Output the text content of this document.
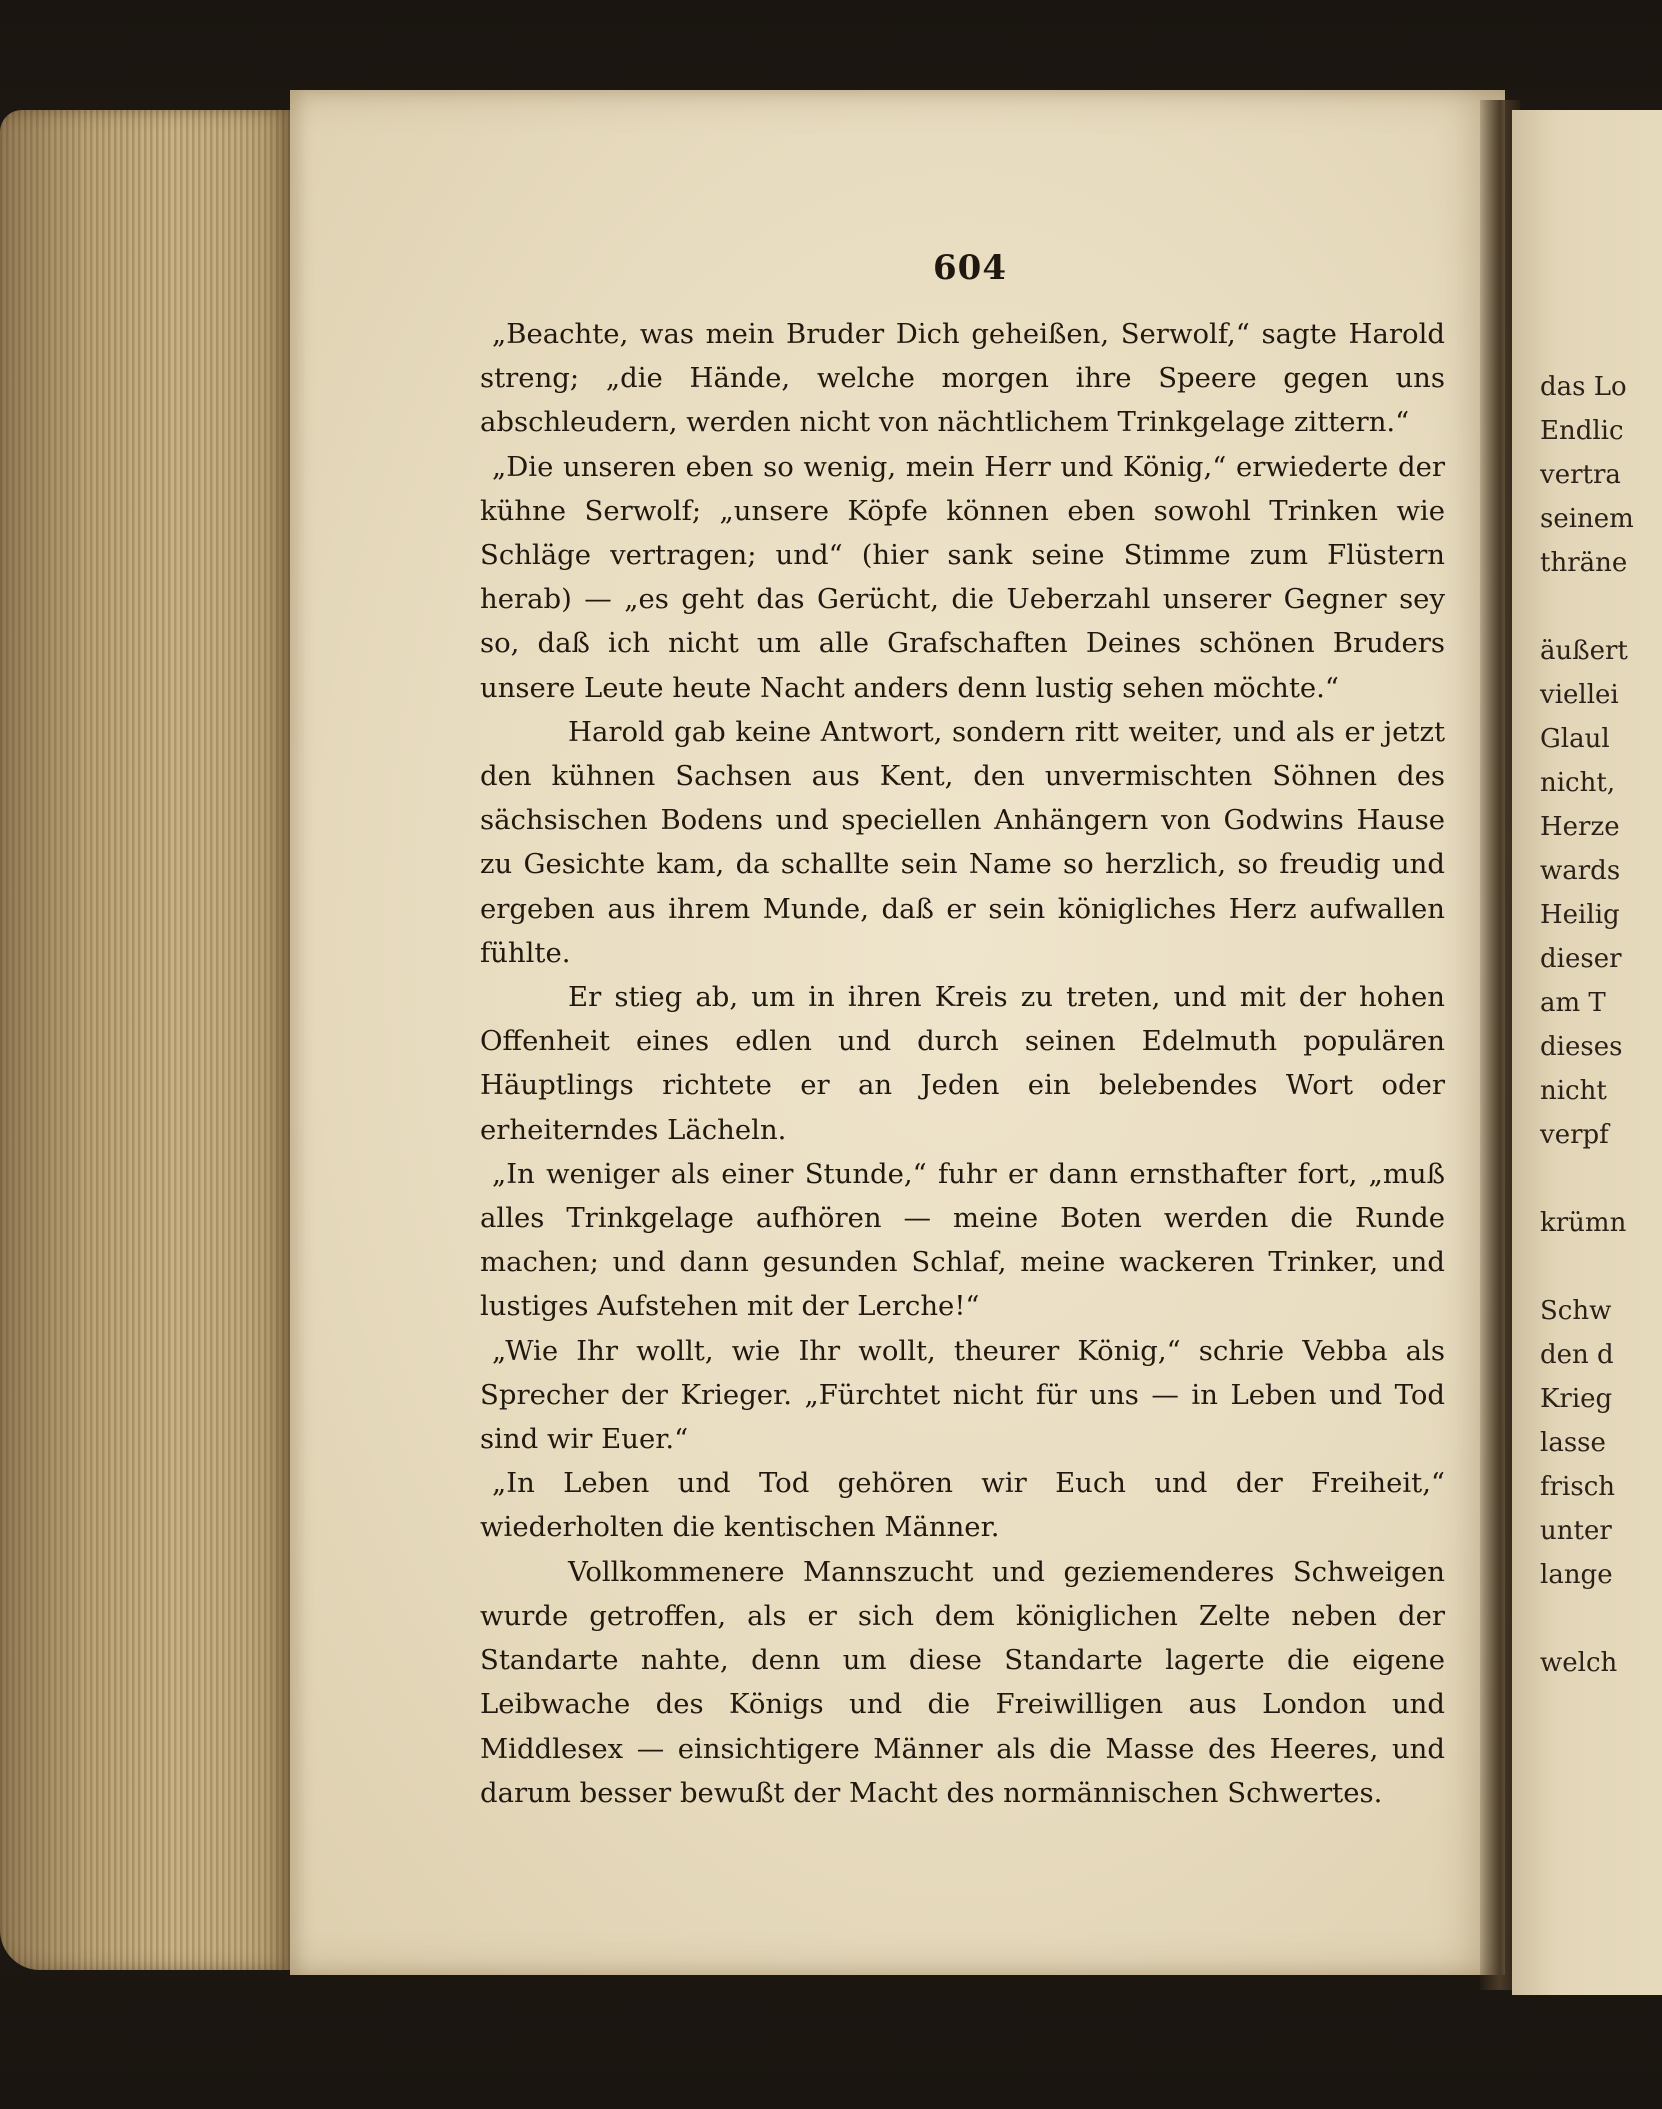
das Lo
Endlic
vertra
seinem
thräne
äußert
viellei
Glaul
nicht,
Herze
wards
Heilig
dieser
am T
dieses
nicht
verpf
krümn
Schw
den d
Krieg
lasse
frisch
unter
lange
welch
604

„Beachte, was mein Bruder Dich geheißen, Serwolf,“ sagte Harold streng; „die Hände, welche morgen ihre Speere gegen uns abschleudern, werden nicht von nächtlichem Trinkgelage zittern.“

„Die unseren eben so wenig, mein Herr und König,“ erwiederte der kühne Serwolf; „unsere Köpfe können eben sowohl Trinken wie Schläge vertragen; und“ (hier sank seine Stimme zum Flüstern herab) — „es geht das Gerücht, die Ueberzahl unserer Gegner sey so, daß ich nicht um alle Grafschaften Deines schönen Bruders unsere Leute heute Nacht anders denn lustig sehen möchte.“

Harold gab keine Antwort, sondern ritt weiter, und als er jetzt den kühnen Sachsen aus Kent, den unvermischten Söhnen des sächsischen Bodens und speciellen Anhängern von Godwins Hause zu Gesichte kam, da schallte sein Name so herzlich, so freudig und ergeben aus ihrem Munde, daß er sein königliches Herz aufwallen fühlte.

Er stieg ab, um in ihren Kreis zu treten, und mit der hohen Offenheit eines edlen und durch seinen Edelmuth populären Häuptlings richtete er an Jeden ein belebendes Wort oder erheiterndes Lächeln.

„In weniger als einer Stunde,“ fuhr er dann ernsthafter fort, „muß alles Trinkgelage aufhören — meine Boten werden die Runde machen; und dann gesunden Schlaf, meine wackeren Trinker, und lustiges Aufstehen mit der Lerche!“

„Wie Ihr wollt, wie Ihr wollt, theurer König,“ schrie Vebba als Sprecher der Krieger. „Fürchtet nicht für uns — in Leben und Tod sind wir Euer.“

„In Leben und Tod gehören wir Euch und der Freiheit,“ wiederholten die kentischen Männer.

Vollkommenere Mannszucht und geziemenderes Schweigen wurde getroffen, als er sich dem königlichen Zelte neben der Standarte nahte, denn um diese Standarte lagerte die eigene Leibwache des Königs und die Freiwilligen aus London und Middlesex — einsichtigere Männer als die Masse des Heeres, und darum besser bewußt der Macht des normännischen Schwertes.
